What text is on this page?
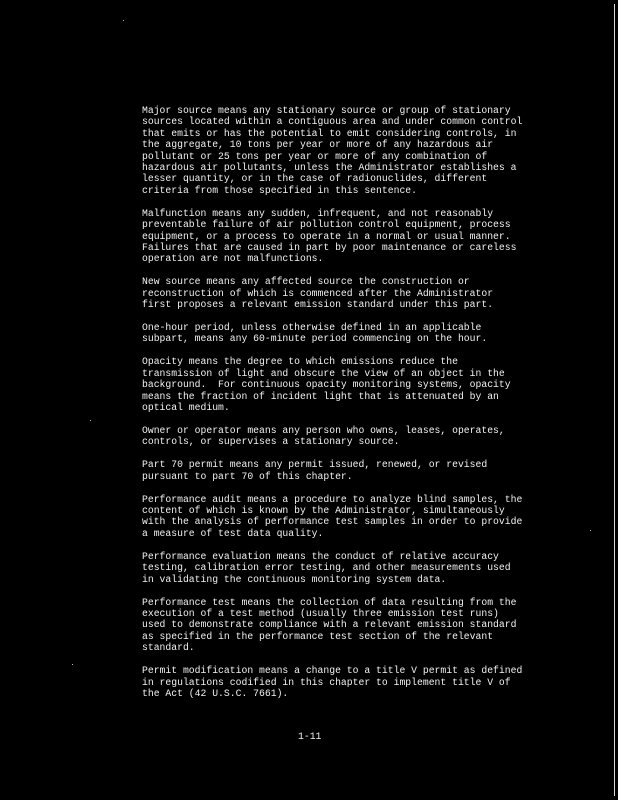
Major source means any stationary source or group of stationary
sources located within a contiguous area and under common control
that emits or has the potential to emit considering controls, in
the aggregate, 10 tons per year or more of any hazardous air
pollutant or 25 tons per year or more of any combination of
hazardous air pollutants, unless the Administrator establishes a
lesser quantity, or in the case of radionuclides, different
criteria from those specified in this sentence.
Malfunction means any sudden, infrequent, and not reasonably
preventable failure of air pollution control equipment, process
equipment, or a process to operate in a normal or usual manner.
Failures that are caused in part by poor maintenance or careless
operation are not malfunctions.
New source means any affected source the construction or
reconstruction of which is commenced after the Administrator
first proposes a relevant emission standard under this part.
One-hour period, unless otherwise defined in an applicable
subpart, means any 60-minute period commencing on the hour.
Opacity means the degree to which emissions reduce the
transmission of light and obscure the view of an object in the
background.  For continuous opacity monitoring systems, opacity
means the fraction of incident light that is attenuated by an
optical medium.
Owner or operator means any person who owns, leases, operates,
controls, or supervises a stationary source.
Part 70 permit means any permit issued, renewed, or revised
pursuant to part 70 of this chapter.
Performance audit means a procedure to analyze blind samples, the
content of which is known by the Administrator, simultaneously
with the analysis of performance test samples in order to provide
a measure of test data quality.
Performance evaluation means the conduct of relative accuracy
testing, calibration error testing, and other measurements used
in validating the continuous monitoring system data.
Performance test means the collection of data resulting from the
execution of a test method (usually three emission test runs)
used to demonstrate compliance with a relevant emission standard
as specified in the performance test section of the relevant
standard.
Permit modification means a change to a title V permit as defined
in regulations codified in this chapter to implement title V of
the Act (42 U.S.C. 7661).
1-11
